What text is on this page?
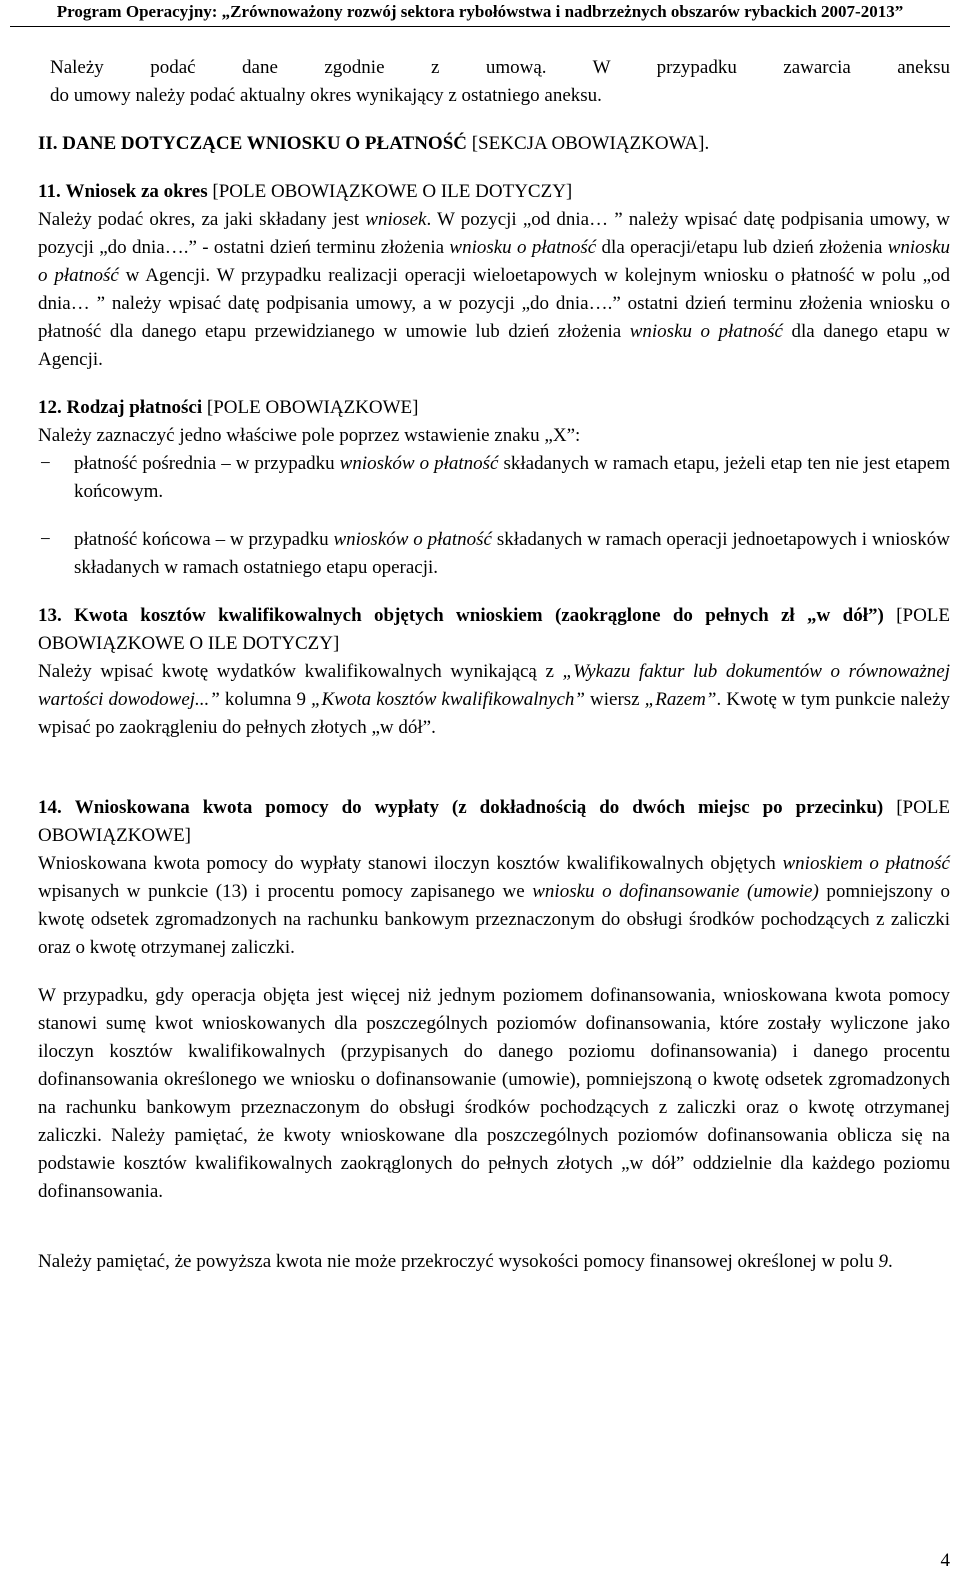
Program Operacyjny: „Zrównoważony rozwój sektora rybołówstwa i nadbrzeżnych obszarów rybackich 2007-2013”

Należy podać dane zgodnie z umową. W przypadku zawarcia aneksu

do umowy należy podać aktualny okres wynikający z ostatniego aneksu.

II. DANE DOTYCZĄCE WNIOSKU O PŁATNOŚĆ [SEKCJA OBOWIĄZKOWA].

11. Wniosek za okres [POLE OBOWIĄZKOWE O ILE DOTYCZY]

Należy podać okres, za jaki składany jest wniosek. W pozycji „od dnia… ” należy wpisać datę podpisania umowy, w pozycji „do dnia….” - ostatni dzień terminu złożenia wniosku o płatność dla operacji/etapu lub dzień złożenia wniosku o płatność w Agencji. W przypadku realizacji operacji wieloetapowych w kolejnym wniosku o płatność w polu „od dnia… ” należy wpisać datę podpisania umowy, a w pozycji „do dnia….” ostatni dzień terminu złożenia wniosku o płatność dla danego etapu przewidzianego w umowie lub dzień złożenia wniosku o płatność dla danego etapu w Agencji.

12. Rodzaj płatności [POLE OBOWIĄZKOWE]

Należy zaznaczyć jedno właściwe pole poprzez wstawienie znaku „X”:

− płatność pośrednia – w przypadku wniosków o płatność składanych w ramach etapu, jeżeli etap ten nie jest etapem końcowym.

− płatność końcowa – w przypadku wniosków o płatność składanych w ramach operacji jednoetapowych i wniosków składanych w ramach ostatniego etapu operacji.

13. Kwota kosztów kwalifikowalnych objętych wnioskiem (zaokrąglone do pełnych zł „w dół”) [POLE OBOWIĄZKOWE O ILE DOTYCZY]

Należy wpisać kwotę wydatków kwalifikowalnych wynikającą z „Wykazu faktur lub dokumentów o równoważnej wartości dowodowej...” kolumna 9 „Kwota kosztów kwalifikowalnych” wiersz „Razem”. Kwotę w tym punkcie należy wpisać po zaokrągleniu do pełnych złotych „w dół”.

14. Wnioskowana kwota pomocy do wypłaty (z dokładnością do dwóch miejsc po przecinku) [POLE OBOWIĄZKOWE]

Wnioskowana kwota pomocy do wypłaty stanowi iloczyn kosztów kwalifikowalnych objętych wnioskiem o płatność wpisanych w punkcie (13) i procentu pomocy zapisanego we wniosku o dofinansowanie (umowie) pomniejszony o kwotę odsetek zgromadzonych na rachunku bankowym przeznaczonym do obsługi środków pochodzących z zaliczki oraz o kwotę otrzymanej zaliczki.

W przypadku, gdy operacja objęta jest więcej niż jednym poziomem dofinansowania, wnioskowana kwota pomocy stanowi sumę kwot wnioskowanych dla poszczególnych poziomów dofinansowania, które zostały wyliczone jako iloczyn kosztów kwalifikowalnych (przypisanych do danego poziomu dofinansowania) i danego procentu dofinansowania określonego we wniosku o dofinansowanie (umowie), pomniejszoną o kwotę odsetek zgromadzonych na rachunku bankowym przeznaczonym do obsługi środków pochodzących z zaliczki oraz o kwotę otrzymanej zaliczki. Należy pamiętać, że kwoty wnioskowane dla poszczególnych poziomów dofinansowania oblicza się na podstawie kosztów kwalifikowalnych zaokrąglonych do pełnych złotych „w dół” oddzielnie dla każdego poziomu dofinansowania.

Należy pamiętać, że powyższa kwota nie może przekroczyć wysokości pomocy finansowej określonej w polu 9.

4
